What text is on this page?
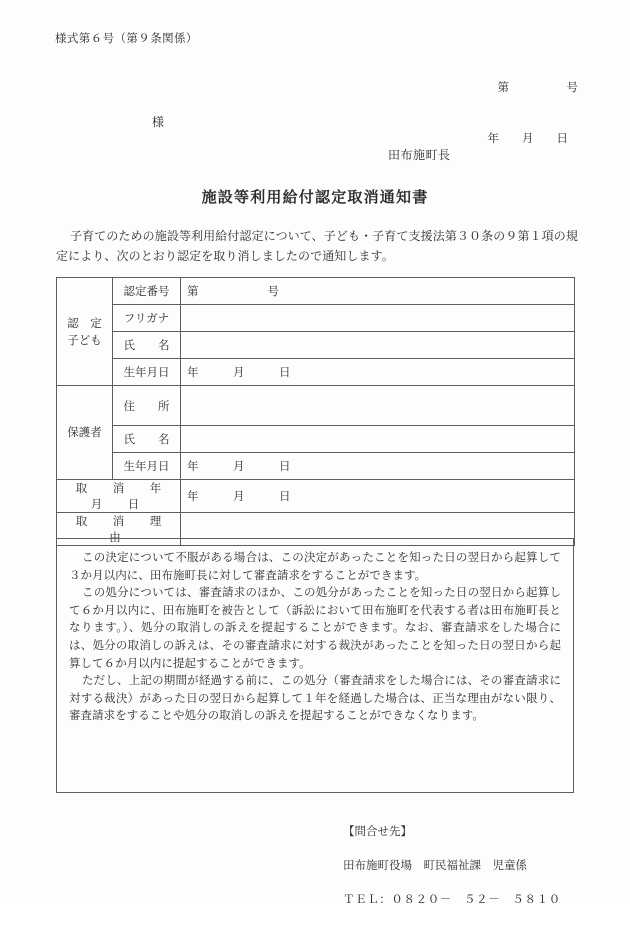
様式第６号（第９条関係）

第　　　　　号

年　　月　　日

様
田布施町長
施設等利用給付認定取消通知書
子育てのための施設等利用給付認定について、子ども・子育て支援法第３０条の９第１項の規定により、次のとおり認定を取り消しましたので通知します。
認　定
子ども	認定番号	第　　　　　　号
	フリガナ	
	氏　　名	
	生年月日	年　　　月　　　日
保護者	住　　所	
	氏　　名	
	生年月日	年　　　月　　　日
取　消　年　月　日		年　　　月　　　日
取　消　理　由		

この決定について不服がある場合は、この決定があったことを知った日の翌日から起算して３か月以内に、田布施町長に対して審査請求をすることができます。

この処分については、審査請求のほか、この処分があったことを知った日の翌日から起算して６か月以内に、田布施町を被告として（訴訟において田布施町を代表する者は田布施町長となります。）、処分の取消しの訴えを提起することができます。なお、審査請求をした場合には、処分の取消しの訴えは、その審査請求に対する裁決があったことを知った日の翌日から起算して６か月以内に提起することができます。

ただし、上記の期間が経過する前に、この処分（審査請求をした場合には、その審査請求に対する裁決）があった日の翌日から起算して１年を経過した場合は、正当な理由がない限り、審査請求をすることや処分の取消しの訴えを提起することができなくなります。

【問合せ先】

田布施町役場　町民福祉課　児童係

ＴＥＬ：０８２０－　５２－　５８１０
